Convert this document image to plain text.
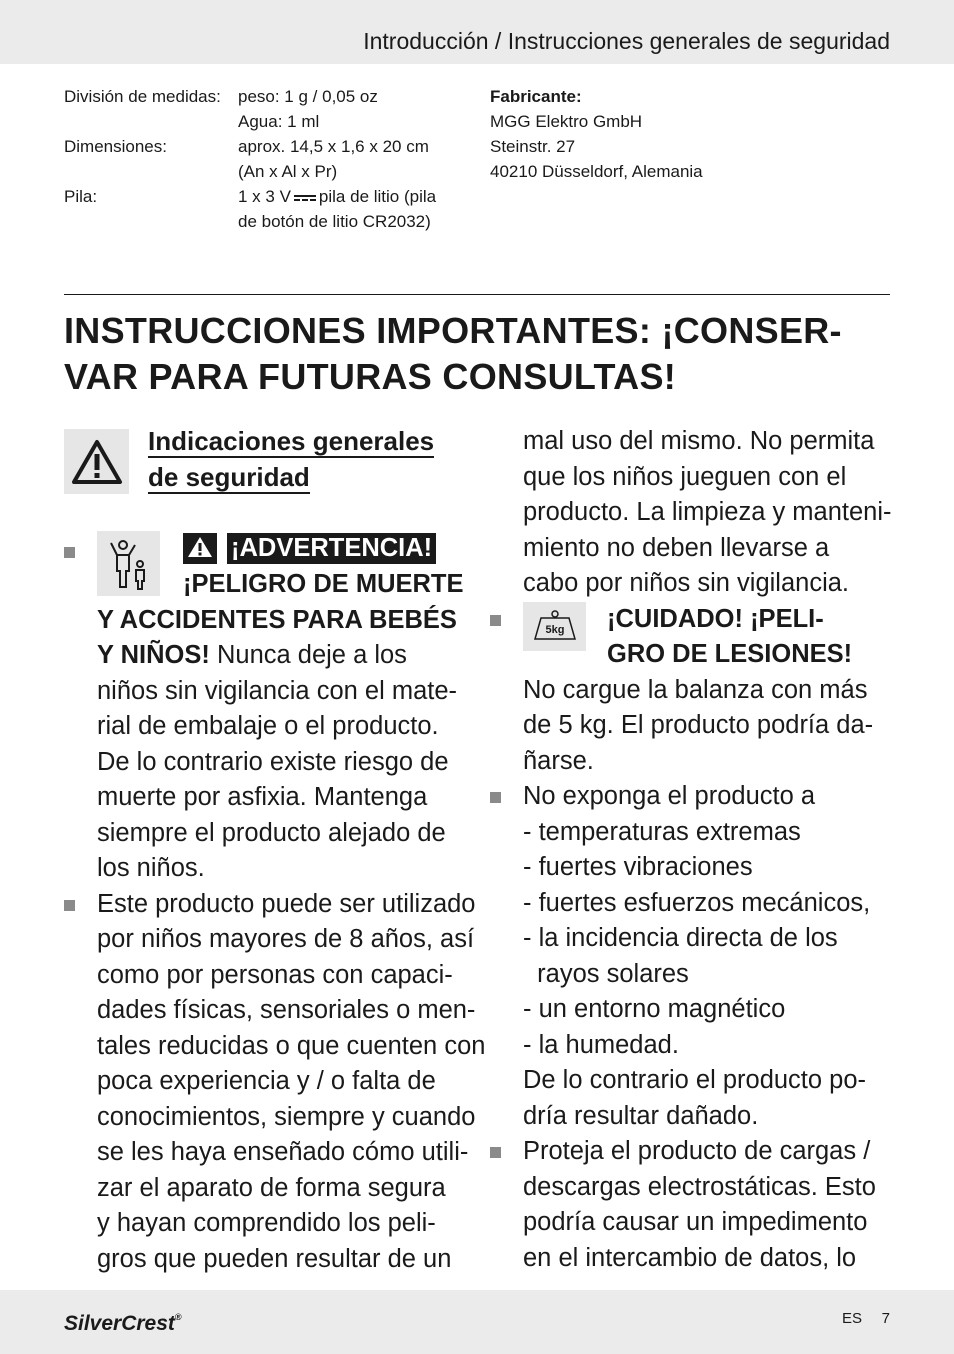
Introducción / Instrucciones generales de seguridad
División de medidas:	peso: 1 g / 0,05 oz
Agua: 1 ml
Dimensiones:	aprox. 14,5 x 1,6 x 20 cm
(An x Al x Pr)
Pila:	1 x 3 V pila de litio (pila
de botón de litio CR2032)
Fabricante:
MGG Elektro GmbH
Steinstr. 27
40210 Düsseldorf, Alemania
INSTRUCCIONES IMPORTANTES: ¡CONSER-
VAR PARA FUTURAS CONSULTAS!
Indicaciones generales
de seguridad
¡ADVERTENCIA!
¡PELIGRO DE MUERTE
Y ACCIDENTES PARA BEBÉS
Y NIÑOS! Nunca deje a los
niños sin vigilancia con el mate-
rial de embalaje o el producto.
De lo contrario existe riesgo de
muerte por asfixia. Mantenga
siempre el producto alejado de
los niños.
Este producto puede ser utilizado
por niños mayores de 8 años, así
como por personas con capaci-
dades físicas, sensoriales o men-
tales reducidas o que cuenten con
poca experiencia y / o falta de
conocimientos, siempre y cuando
se les haya enseñado cómo utili-
zar el aparato de forma segura
y hayan comprendido los peli-
gros que pueden resultar de un
mal uso del mismo. No permita
que los niños jueguen con el
producto. La limpieza y manteni-
miento no deben llevarse a
cabo por niños sin vigilancia.
5kg	¡CUIDADO! ¡PELI-
GRO DE LESIONES!
No cargue la balanza con más
de 5 kg. El producto podría da-
ñarse.
No exponga el producto a
- temperaturas extremas
- fuertes vibraciones
- fuertes esfuerzos mecánicos,
- la incidencia directa de los
rayos solares
- un entorno magnético
- la humedad.
De lo contrario el producto po-
dría resultar dañado.
Proteja el producto de cargas /
descargas electrostáticas. Esto
podría causar un impedimento
en el intercambio de datos, lo
SilverCrest®	ES 7
